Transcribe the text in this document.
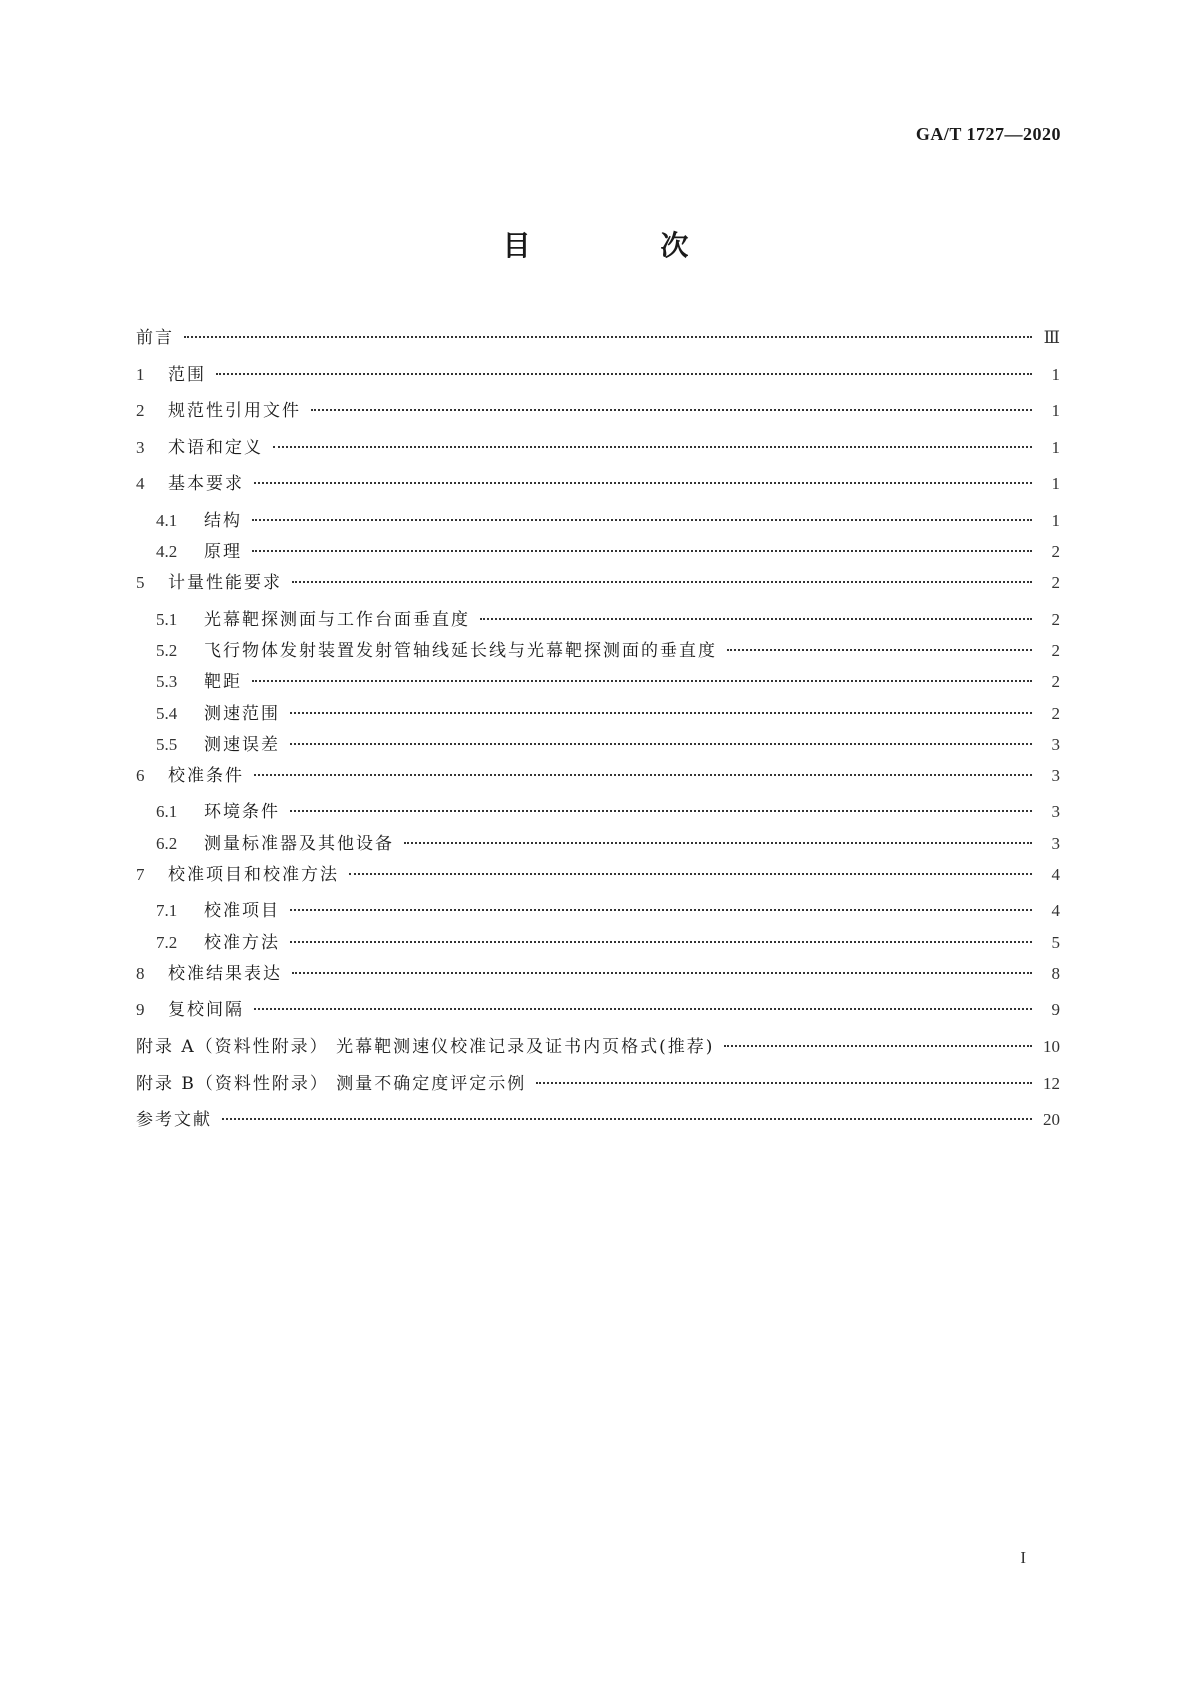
GA/T 1727—2020
目 次
前言	Ⅲ
1	范围	1
2	规范性引用文件	1
3	术语和定义	1
4	基本要求	1
4.1	结构	1
4.2	原理	2
5	计量性能要求	2
5.1	光幕靶探测面与工作台面垂直度	2
5.2	飞行物体发射装置发射管轴线延长线与光幕靶探测面的垂直度	2
5.3	靶距	2
5.4	测速范围	2
5.5	测速误差	3
6	校准条件	3
6.1	环境条件	3
6.2	测量标准器及其他设备	3
7	校准项目和校准方法	4
7.1	校准项目	4
7.2	校准方法	5
8	校准结果表达	8
9	复校间隔	9
附录 A（资料性附录） 光幕靶测速仪校准记录及证书内页格式(推荐)	10
附录 B（资料性附录） 测量不确定度评定示例	12
参考文献	20
I
